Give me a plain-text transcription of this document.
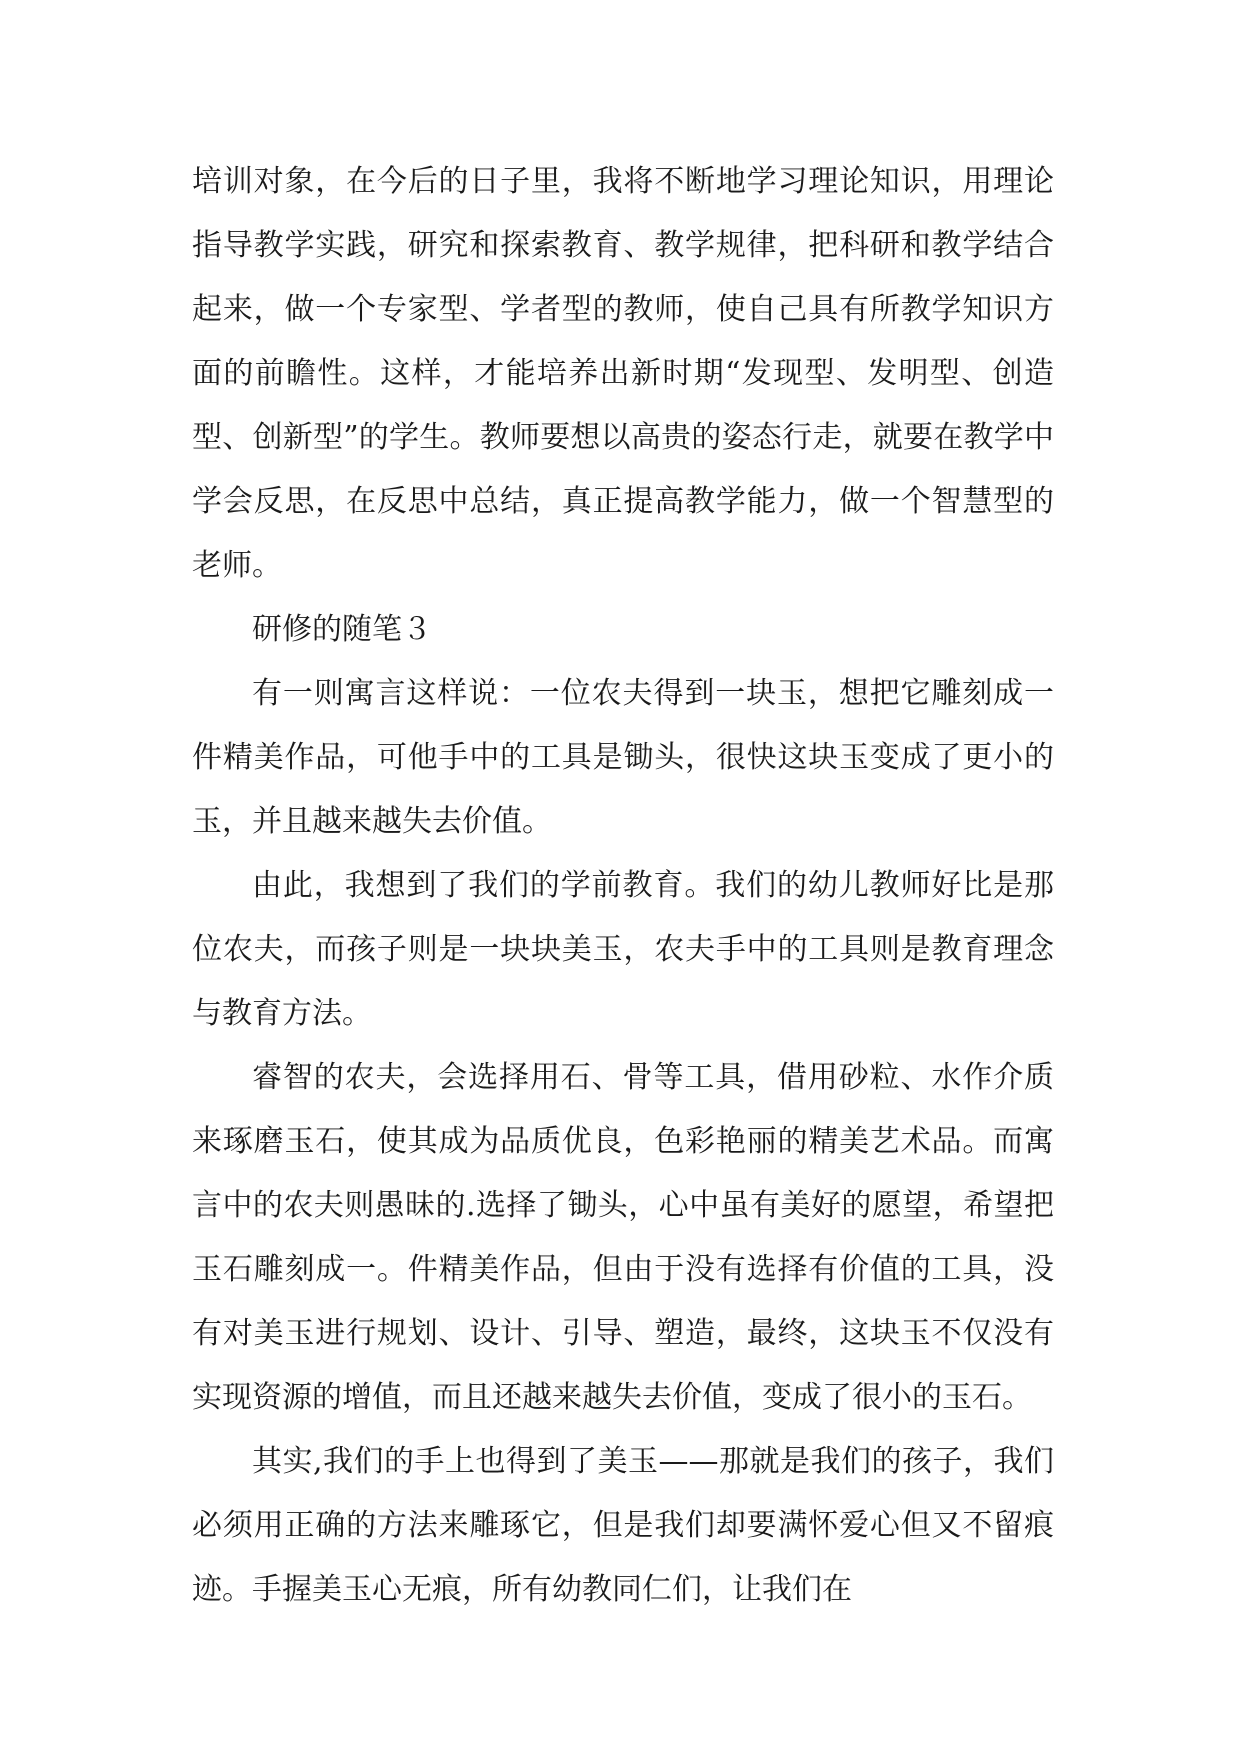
培训对象，在今后的日子里，我将不断地学习理论知识，用理论指导教学实践，研究和探索教育、教学规律，把科研和教学结合起来，做一个专家型、学者型的教师，使自己具有所教学知识方面的前瞻性。这样，才能培养出新时期“发现型、发明型、创造型、创新型”的学生。教师要想以高贵的姿态行走，就要在教学中学会反思，在反思中总结，真正提高教学能力，做一个智慧型的老师。

研修的随笔３

有一则寓言这样说：一位农夫得到一块玉，想把它雕刻成一件精美作品，可他手中的工具是锄头，很快这块玉变成了更小的玉，并且越来越失去价值。

由此，我想到了我们的学前教育。我们的幼儿教师好比是那位农夫，而孩子则是一块块美玉，农夫手中的工具则是教育理念与教育方法。

睿智的农夫，会选择用石、骨等工具，借用砂粒、水作介质来琢磨玉石，使其成为品质优良，色彩艳丽的精美艺术品。而寓言中的农夫则愚昧的.选择了锄头，心中虽有美好的愿望，希望把玉石雕刻成一。件精美作品，但由于没有选择有价值的工具，没有对美玉进行规划、设计、引导、塑造，最终，这块玉不仅没有实现资源的增值，而且还越来越失去价值，变成了很小的玉石。

其实,我们的手上也得到了美玉——那就是我们的孩子，我们必须用正确的方法来雕琢它，但是我们却要满怀爱心但又不留痕迹。手握美玉心无痕，所有幼教同仁们，让我们在
